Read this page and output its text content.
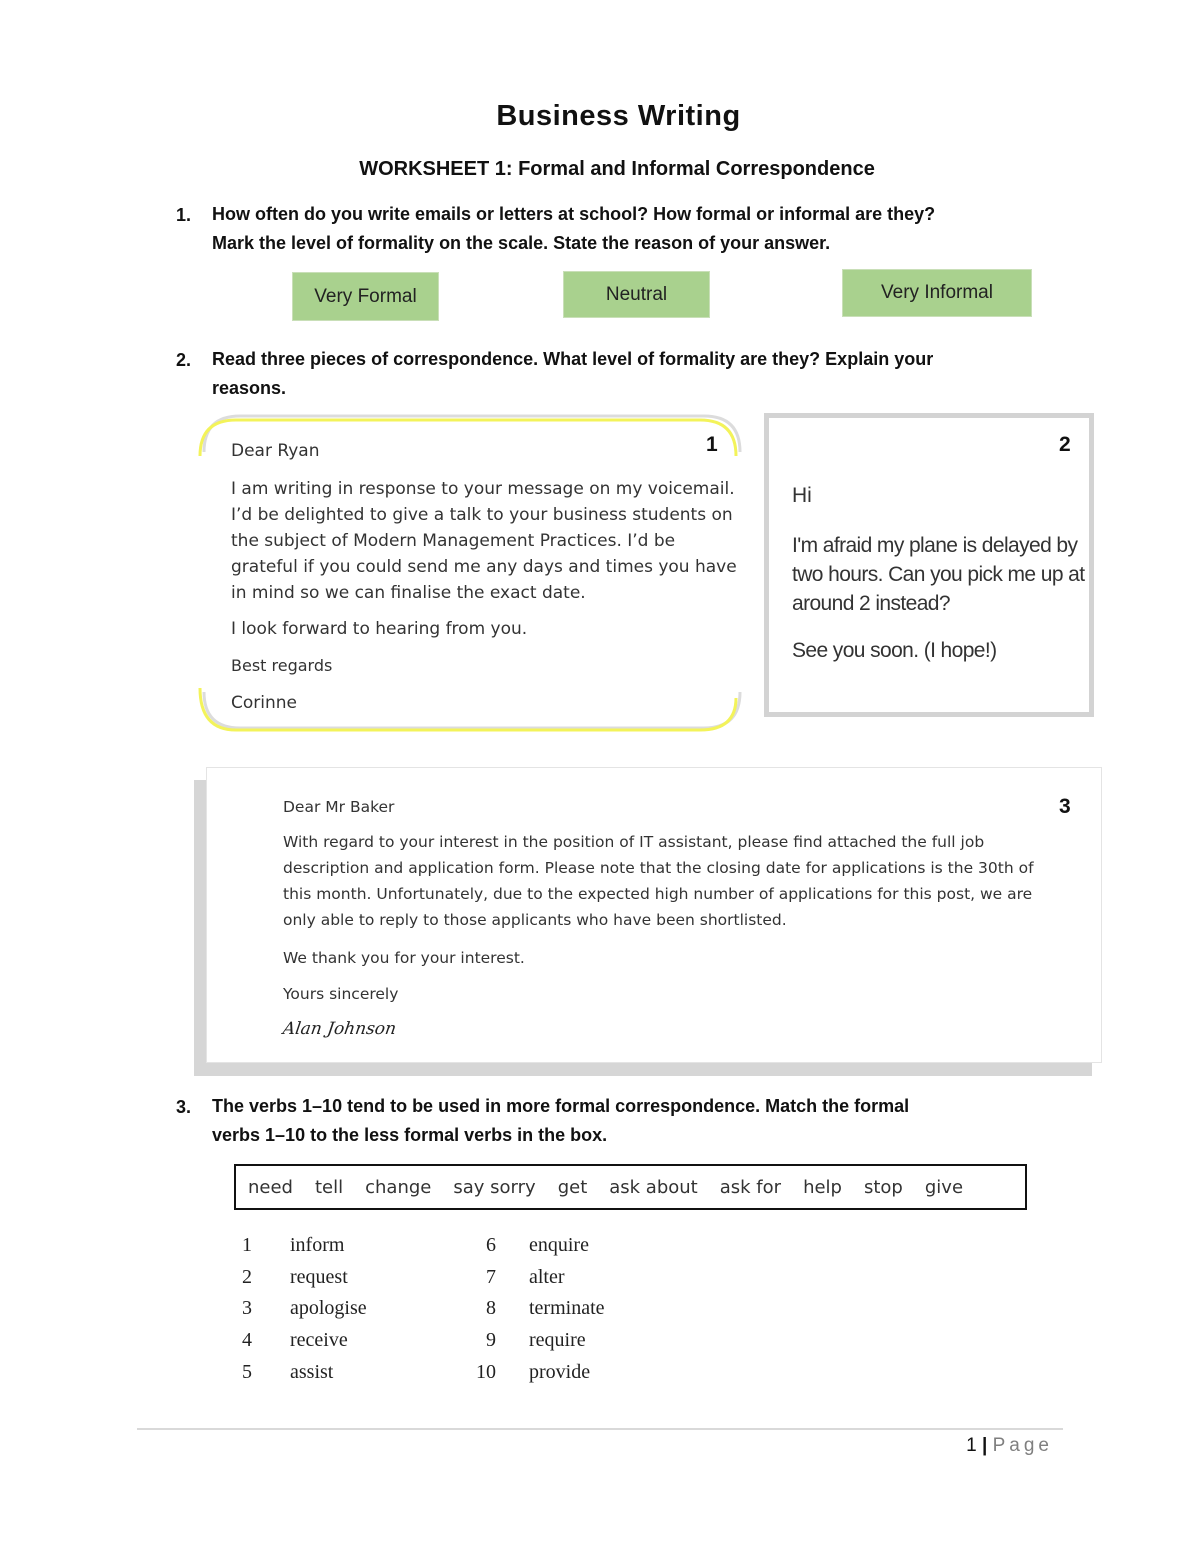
Business Writing
WORKSHEET 1: Formal and Informal Correspondence
1. How often do you write emails or letters at school? How formal or informal are they?
Mark the level of formality on the scale. State the reason of your answer.
Very Formal	Neutral	Very Informal
2. Read three pieces of correspondence. What level of formality are they? Explain your
reasons.
1
Dear Ryan
I am writing in response to your message on my voicemail.
I’d be delighted to give a talk to your business students on
the subject of Modern Management Practices. I’d be
grateful if you could send me any days and times you have
in mind so we can finalise the exact date.
I look forward to hearing from you.
Best regards
Corinne
2
Hi
I'm afraid my plane is delayed by
two hours. Can you pick me up at
around 2 instead?
See you soon. (I hope!)
3
Dear Mr Baker
With regard to your interest in the position of IT assistant, please find attached the full job
description and application form. Please note that the closing date for applications is the 30th of
this month. Unfortunately, due to the expected high number of applications for this post, we are
only able to reply to those applicants who have been shortlisted.
We thank you for your interest.
Yours sincerely
Alan Johnson
3. The verbs 1–10 tend to be used in more formal correspondence. Match the formal
verbs 1–10 to the less formal verbs in the box.
need tell change say sorry get ask about ask for help stop give
1 inform
2 request
3 apologise
4 receive
5 assist
6 enquire
7 alter
8 terminate
9 require
10 provide
1 | Page
